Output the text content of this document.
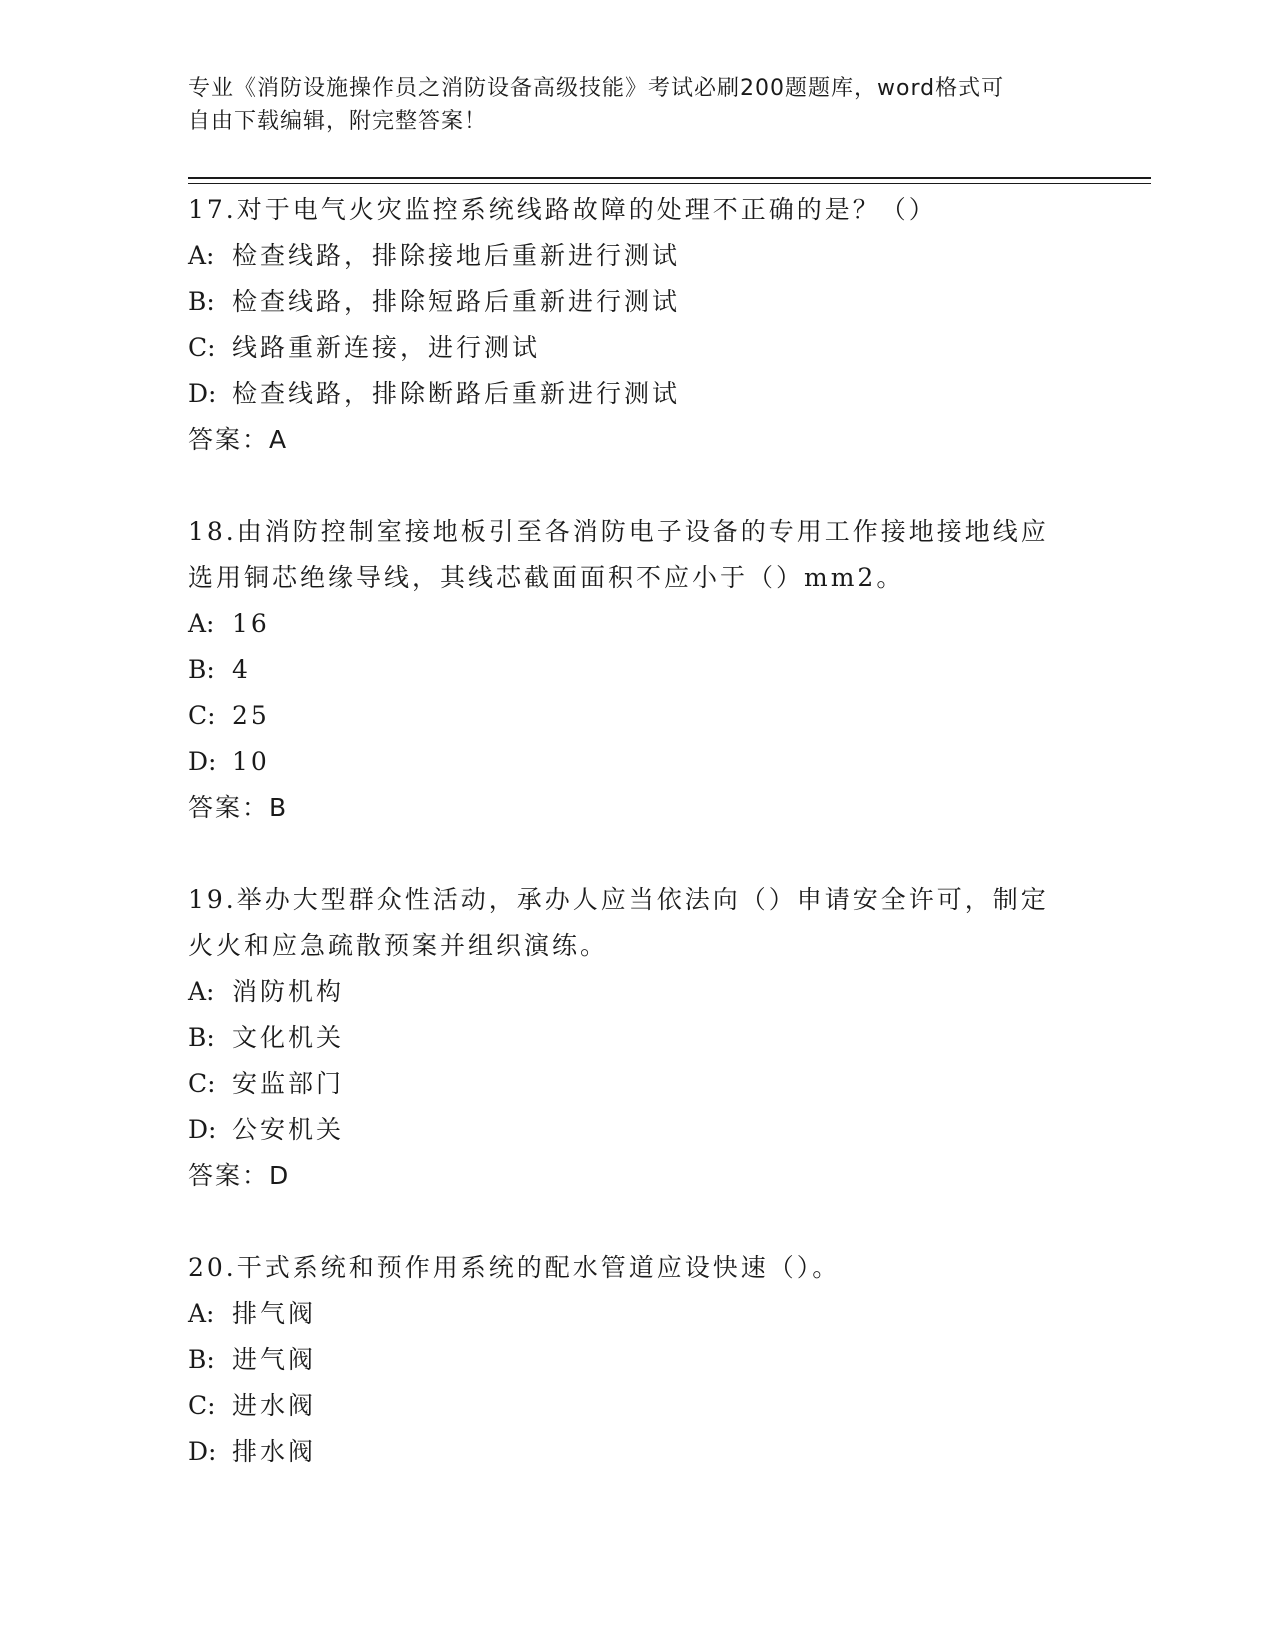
专业《消防设施操作员之消防设备高级技能》考试必刷200题题库，word格式可
自由下载编辑，附完整答案！

17.对于电气火灾监控系统线路故障的处理不正确的是？（）

A: 检查线路，排除接地后重新进行测试

B: 检查线路，排除短路后重新进行测试

C: 线路重新连接，进行测试

D: 检查线路，排除断路后重新进行测试

答案：A

18.由消防控制室接地板引至各消防电子设备的专用工作接地接地线应

选用铜芯绝缘导线，其线芯截面面积不应小于（）mm2。

A: 16

B: 4

C: 25

D: 10

答案：B

19.举办大型群众性活动，承办人应当依法向（）申请安全许可，制定

火火和应急疏散预案并组织演练。

A: 消防机构

B: 文化机关

C: 安监部门

D: 公安机关

答案：D

20.干式系统和预作用系统的配水管道应设快速（）。

A: 排气阀

B: 进气阀

C: 进水阀

D: 排水阀
